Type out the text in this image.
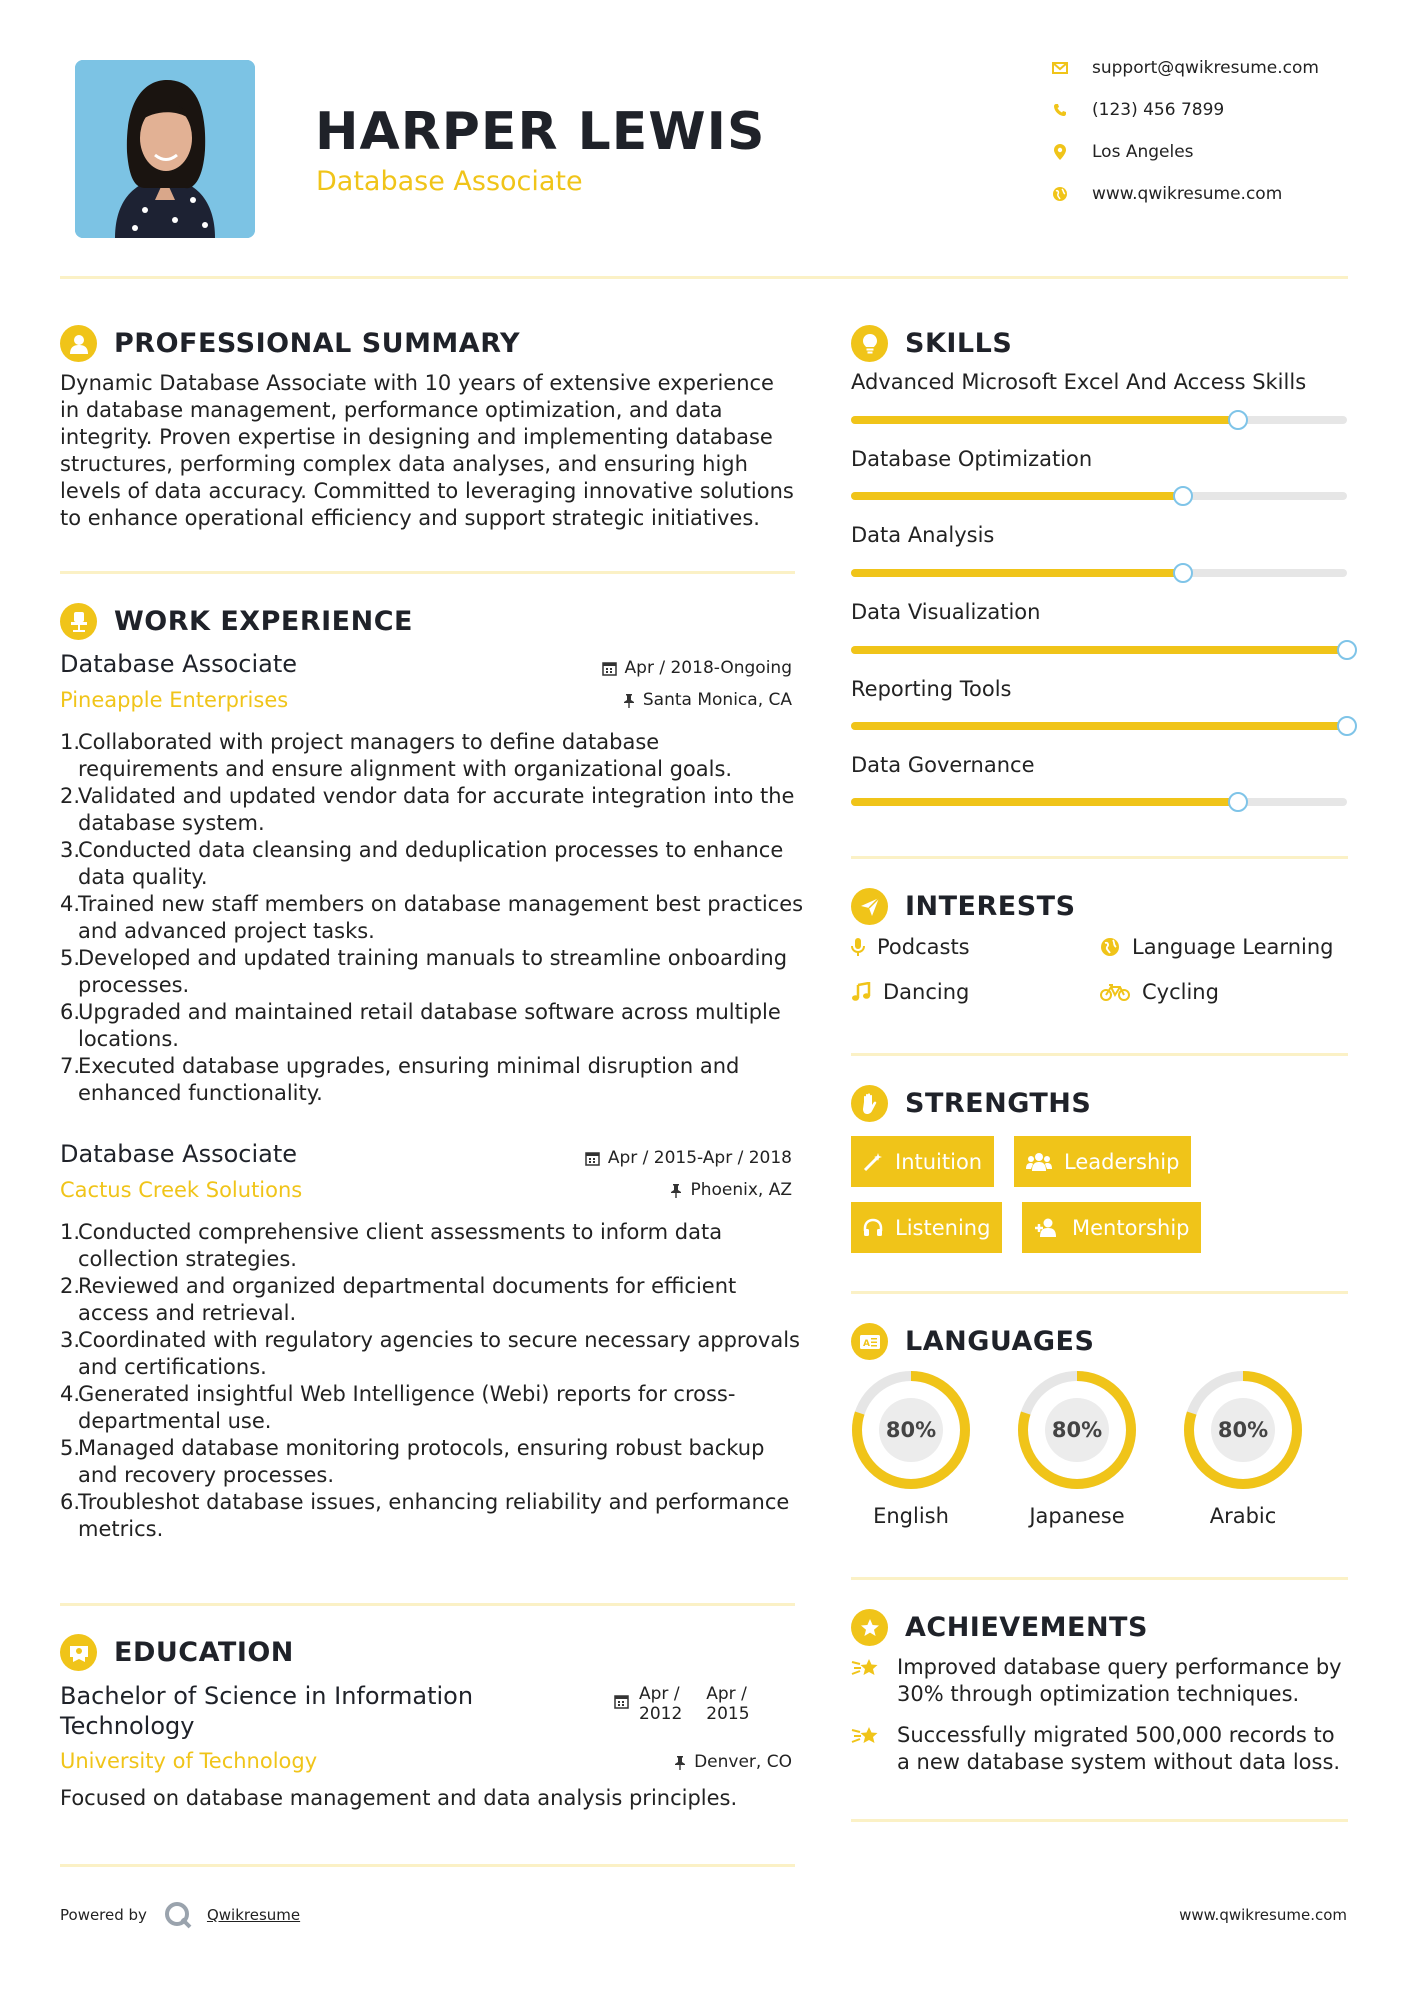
HARPER LEWIS
Database Associate
support@qwikresume.com
(123) 456 7899
Los Angeles
www.qwikresume.com
PROFESSIONAL SUMMARY
Dynamic Database Associate with 10 years of extensive experience in database management, performance optimization, and data integrity. Proven expertise in designing and implementing database structures, performing complex data analyses, and ensuring high levels of data accuracy. Committed to leveraging innovative solutions to enhance operational efficiency and support strategic initiatives.
WORK EXPERIENCE
Database Associate
Pineapple Enterprises
Apr / 2018-Ongoing
Santa Monica, CA
1.
Collaborated with project managers to define database requirements and ensure alignment with organizational goals.
2.
Validated and updated vendor data for accurate integration into the database system.
3.
Conducted data cleansing and deduplication processes to enhance data quality.
4.
Trained new staff members on database management best practices and advanced project tasks.
5.
Developed and updated training manuals to streamline onboarding processes.
6.
Upgraded and maintained retail database software across multiple locations.
7.
Executed database upgrades, ensuring minimal disruption and enhanced functionality.
Database Associate
Cactus Creek Solutions
Apr / 2015-Apr / 2018
Phoenix, AZ
1.
Conducted comprehensive client assessments to inform data collection strategies.
2.
Reviewed and organized departmental documents for efficient access and retrieval.
3.
Coordinated with regulatory agencies to secure necessary approvals and certifications.
4.
Generated insightful Web Intelligence (Webi) reports for cross-departmental use.
5.
Managed database monitoring protocols, ensuring robust backup and recovery processes.
6.
Troubleshot database issues, enhancing reliability and performance metrics.
EDUCATION
Bachelor of Science in Information
Technology
University of Technology
Apr /
2012
Apr /
2015
Denver, CO
Focused on database management and data analysis principles.
SKILLS
Advanced Microsoft Excel And Access Skills
Database Optimization
Data Analysis
Data Visualization
Reporting Tools
Data Governance
INTERESTS
Podcasts	Language Learning
Dancing	Cycling
STRENGTHS
Intuition	Leadership
Listening	Mentorship
A LANGUAGES
80%
English
80%
Japanese
80%
Arabic
ACHIEVEMENTS
Improved database query performance by 30% through optimization techniques.
Successfully migrated 500,000 records to a new database system without data loss.
Powered by	Qwikresume	www.qwikresume.com
